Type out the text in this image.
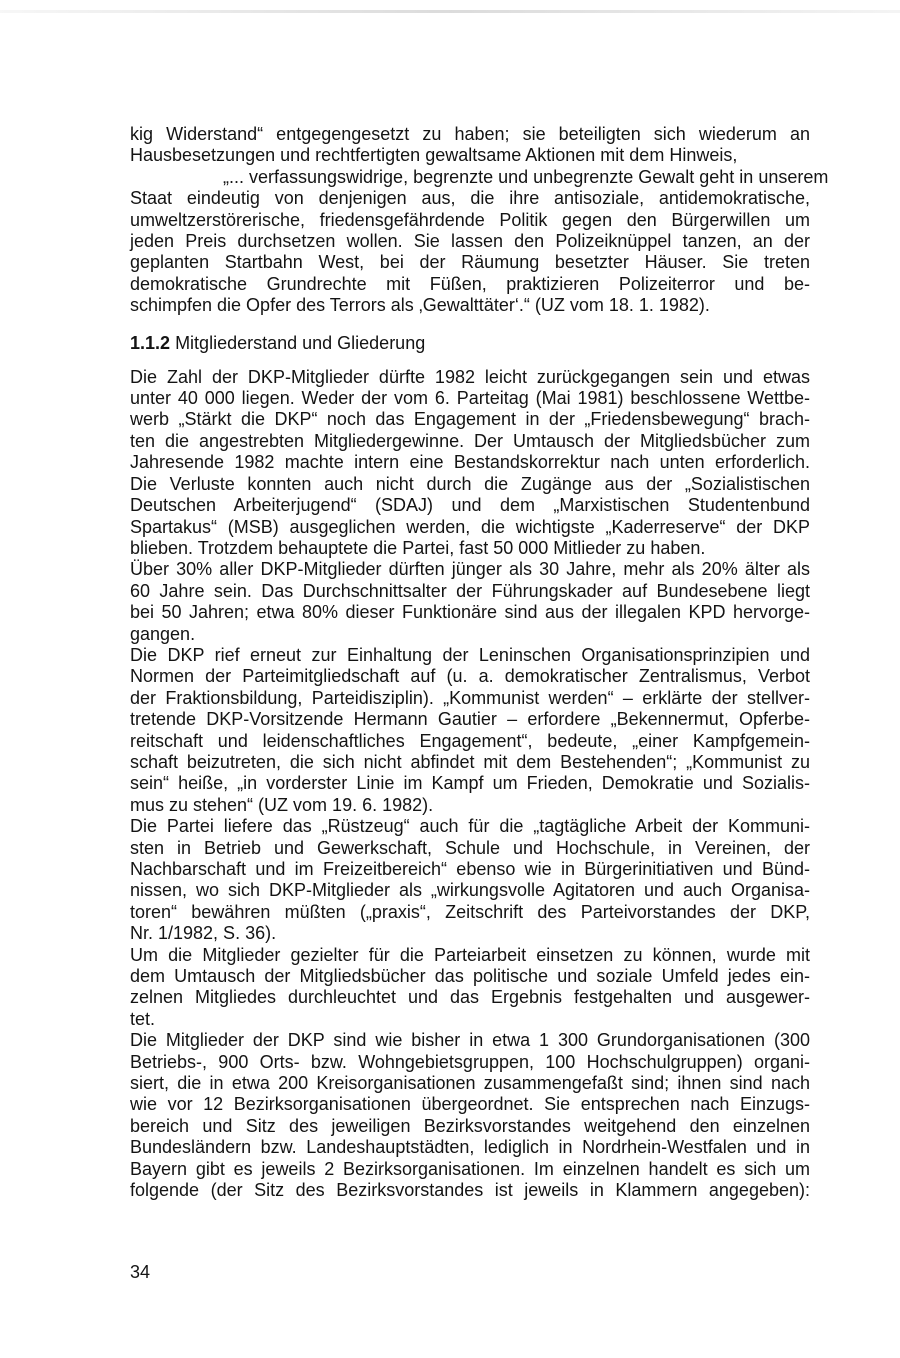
kig Widerstand“ entgegengesetzt zu haben; sie beteiligten sich wiederum an
Hausbesetzungen und rechtfertigten gewaltsame Aktionen mit dem Hinweis,
„... verfassungswidrige, begrenzte und unbegrenzte Gewalt geht in unserem
Staat eindeutig von denjenigen aus, die ihre antisoziale, antidemokratische,
umweltzerstörerische, friedensgefährdende Politik gegen den Bürgerwillen um
jeden Preis durchsetzen wollen. Sie lassen den Polizeiknüppel tanzen, an der
geplanten Startbahn West, bei der Räumung besetzter Häuser. Sie treten
demokratische Grundrechte mit Füßen, praktizieren Polizeiterror und be-
schimpfen die Opfer des Terrors als ‚Gewalttäter‘.“ (UZ vom 18. 1. 1982).

1.1.2 Mitgliederstand und Gliederung

Die Zahl der DKP-Mitglieder dürfte 1982 leicht zurückgegangen sein und etwas
unter 40 000 liegen. Weder der vom 6. Parteitag (Mai 1981) beschlossene Wettbe-
werb „Stärkt die DKP“ noch das Engagement in der „Friedensbewegung“ brach-
ten die angestrebten Mitgliedergewinne. Der Umtausch der Mitgliedsbücher zum
Jahresende 1982 machte intern eine Bestandskorrektur nach unten erforderlich.
Die Verluste konnten auch nicht durch die Zugänge aus der „Sozialistischen
Deutschen Arbeiterjugend“ (SDAJ) und dem „Marxistischen Studentenbund
Spartakus“ (MSB) ausgeglichen werden, die wichtigste „Kaderreserve“ der DKP
blieben. Trotzdem behauptete die Partei, fast 50 000 Mitlieder zu haben.

Über 30% aller DKP-Mitglieder dürften jünger als 30 Jahre, mehr als 20% älter als
60 Jahre sein. Das Durchschnittsalter der Führungskader auf Bundesebene liegt
bei 50 Jahren; etwa 80% dieser Funktionäre sind aus der illegalen KPD hervorge-
gangen.

Die DKP rief erneut zur Einhaltung der Leninschen Organisationsprinzipien und
Normen der Parteimitgliedschaft auf (u. a. demokratischer Zentralismus, Verbot
der Fraktionsbildung, Parteidisziplin). „Kommunist werden“ – erklärte der stellver-
tretende DKP-Vorsitzende Hermann Gautier – erfordere „Bekennermut, Opferbe-
reitschaft und leidenschaftliches Engagement“, bedeute, „einer Kampfgemein-
schaft beizutreten, die sich nicht abfindet mit dem Bestehenden“; „Kommunist zu
sein“ heiße, „in vorderster Linie im Kampf um Frieden, Demokratie und Sozialis-
mus zu stehen“ (UZ vom 19. 6. 1982).

Die Partei liefere das „Rüstzeug“ auch für die „tagtägliche Arbeit der Kommuni-
sten in Betrieb und Gewerkschaft, Schule und Hochschule, in Vereinen, der
Nachbarschaft und im Freizeitbereich“ ebenso wie in Bürgerinitiativen und Bünd-
nissen, wo sich DKP-Mitglieder als „wirkungsvolle Agitatoren und auch Organisa-
toren“ bewähren müßten („praxis“, Zeitschrift des Parteivorstandes der DKP,
Nr. 1/1982, S. 36).

Um die Mitglieder gezielter für die Parteiarbeit einsetzen zu können, wurde mit
dem Umtausch der Mitgliedsbücher das politische und soziale Umfeld jedes ein-
zelnen Mitgliedes durchleuchtet und das Ergebnis festgehalten und ausgewer-
tet.

Die Mitglieder der DKP sind wie bisher in etwa 1 300 Grundorganisationen (300
Betriebs-, 900 Orts- bzw. Wohngebietsgruppen, 100 Hochschulgruppen) organi-
siert, die in etwa 200 Kreisorganisationen zusammengefaßt sind; ihnen sind nach
wie vor 12 Bezirksorganisationen übergeordnet. Sie entsprechen nach Einzugs-
bereich und Sitz des jeweiligen Bezirksvorstandes weitgehend den einzelnen
Bundesländern bzw. Landeshauptstädten, lediglich in Nordrhein-Westfalen und in
Bayern gibt es jeweils 2 Bezirksorganisationen. Im einzelnen handelt es sich um
folgende (der Sitz des Bezirksvorstandes ist jeweils in Klammern angegeben):

34
